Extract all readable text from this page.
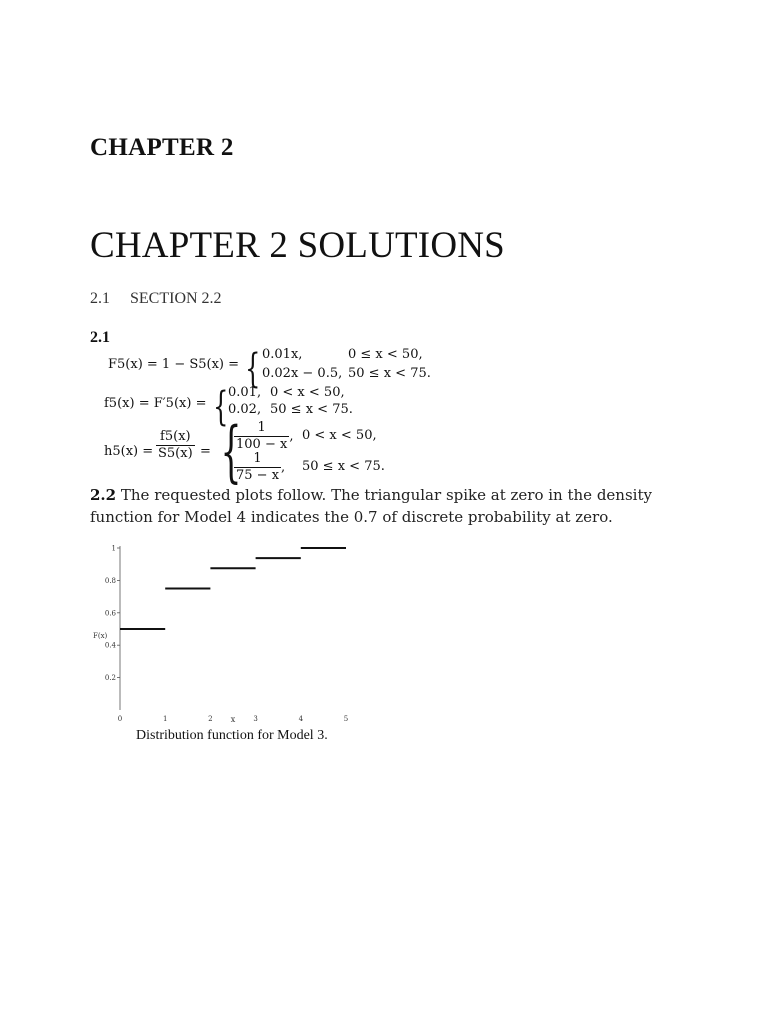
CHAPTER 2
CHAPTER 2 SOLUTIONS
2.1 SECTION 2.2
2.1
F5(x) = 1 − S5(x) = { 0.01x,	0 ≤ x < 50,
0.02x − 0.5, 50 ≤ x < 75.
f5(x) = F′5(x) = { 0.01, 0 < x < 50,
0.02, 50 ≤ x < 75.
$h5(x) = \frac{f5(x)}{S5(x)}$ = {
$\frac{1}{100 - x}$ , 0 < x < 50,
$\frac{1}{75 - x}$ , 50 ≤ x < 75.
2.2 The requested plots follow. The triangular spike at zero in the density function for Model 4 indicates the 0.7 of discrete probability at zero.
0.2
0.4
0.6
0.8
1
0	1	2	3	4	5
x
F(x)
Distribution function for Model 3.
